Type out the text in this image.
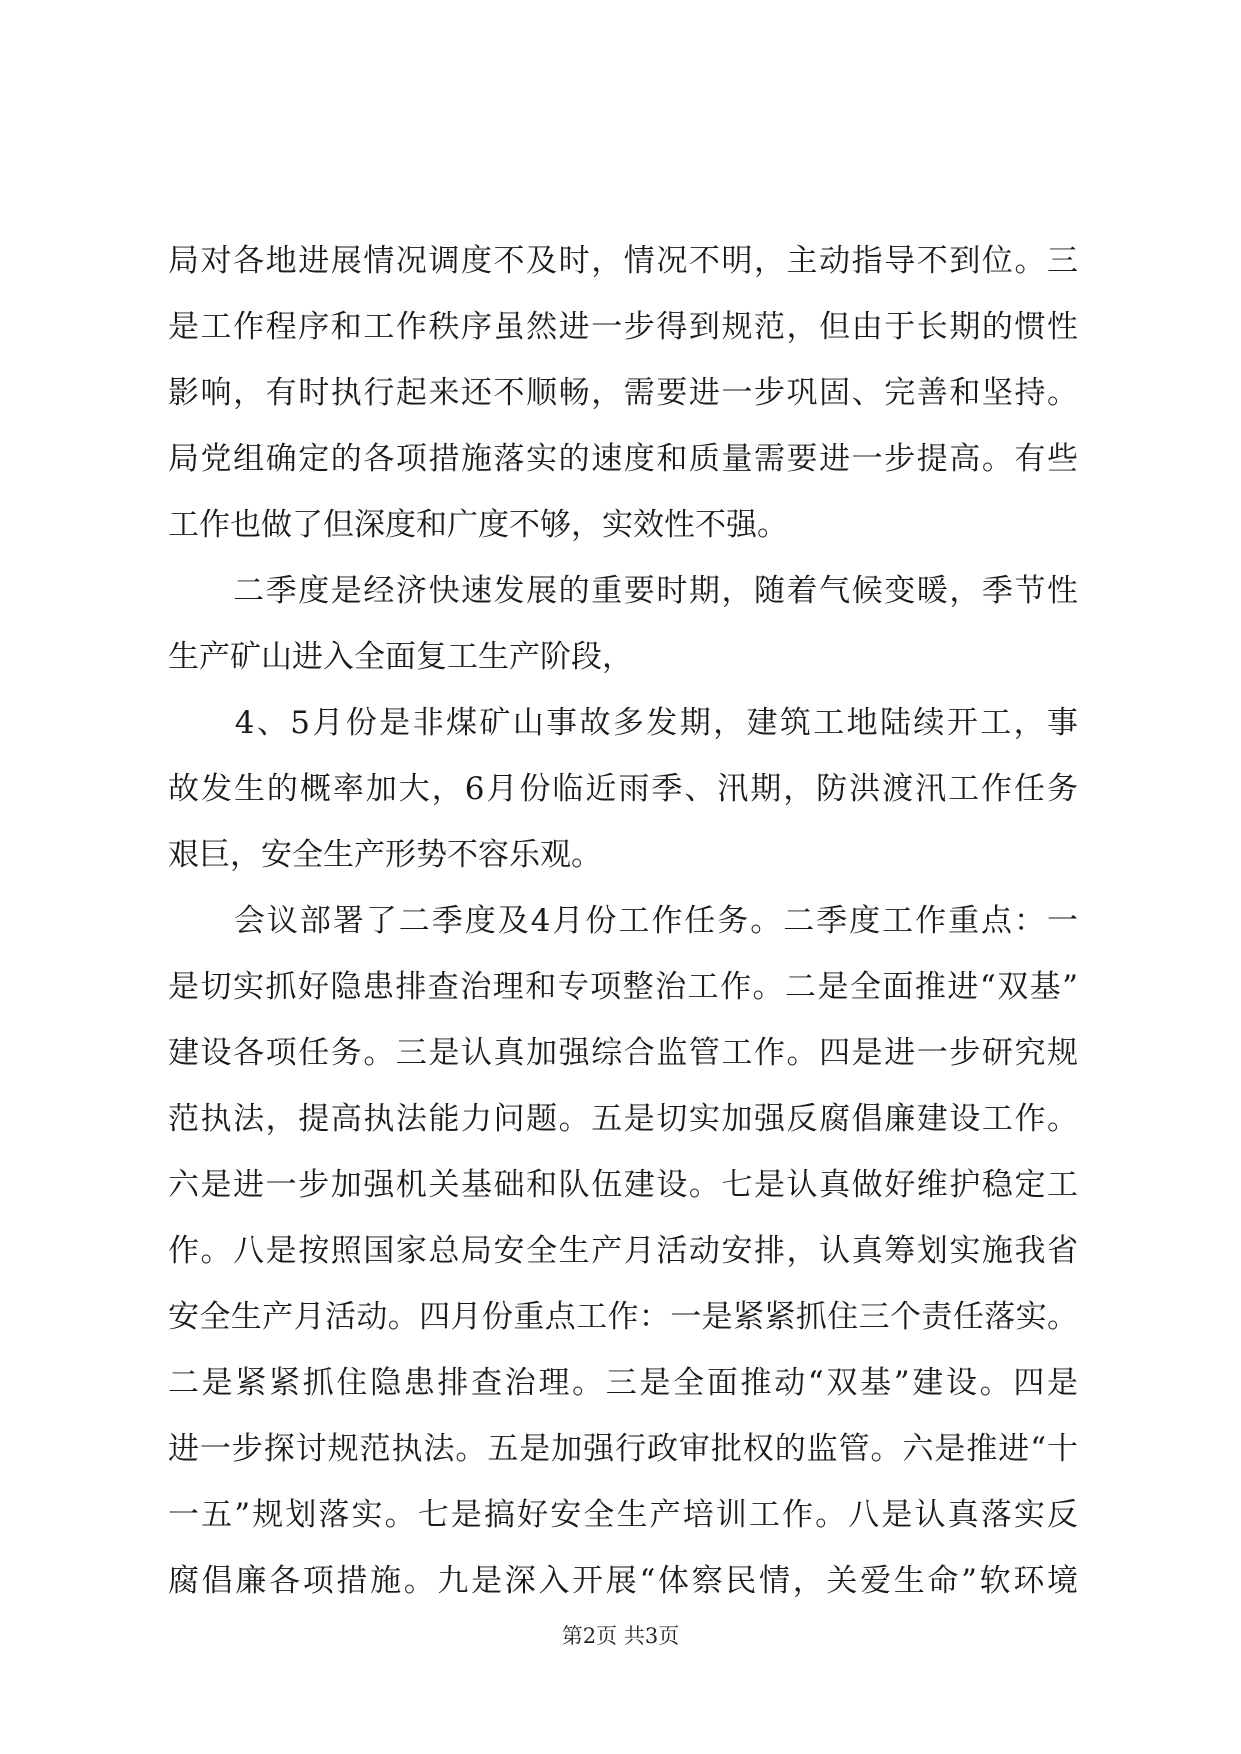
局对各地进展情况调度不及时，情况不明，主动指导不到位。三
是工作程序和工作秩序虽然进一步得到规范，但由于长期的惯性
影响，有时执行起来还不顺畅，需要进一步巩固、完善和坚持。
局党组确定的各项措施落实的速度和质量需要进一步提高。有些
工作也做了但深度和广度不够，实效性不强。
　　二季度是经济快速发展的重要时期，随着气候变暖，季节性
生产矿山进入全面复工生产阶段，
　　4、5月份是非煤矿山事故多发期，建筑工地陆续开工，事
故发生的概率加大，6月份临近雨季、汛期，防洪渡汛工作任务
艰巨，安全生产形势不容乐观。
　　会议部署了二季度及4月份工作任务。二季度工作重点：一
是切实抓好隐患排查治理和专项整治工作。二是全面推进“双基”
建设各项任务。三是认真加强综合监管工作。四是进一步研究规
范执法，提高执法能力问题。五是切实加强反腐倡廉建设工作。
六是进一步加强机关基础和队伍建设。七是认真做好维护稳定工
作。八是按照国家总局安全生产月活动安排，认真筹划实施我省
安全生产月活动。四月份重点工作：一是紧紧抓住三个责任落实。
二是紧紧抓住隐患排查治理。三是全面推动“双基”建设。四是
进一步探讨规范执法。五是加强行政审批权的监管。六是推进“十
一五”规划落实。七是搞好安全生产培训工作。八是认真落实反
腐倡廉各项措施。九是深入开展“体察民情，关爱生命”软环境
第2页 共3页
